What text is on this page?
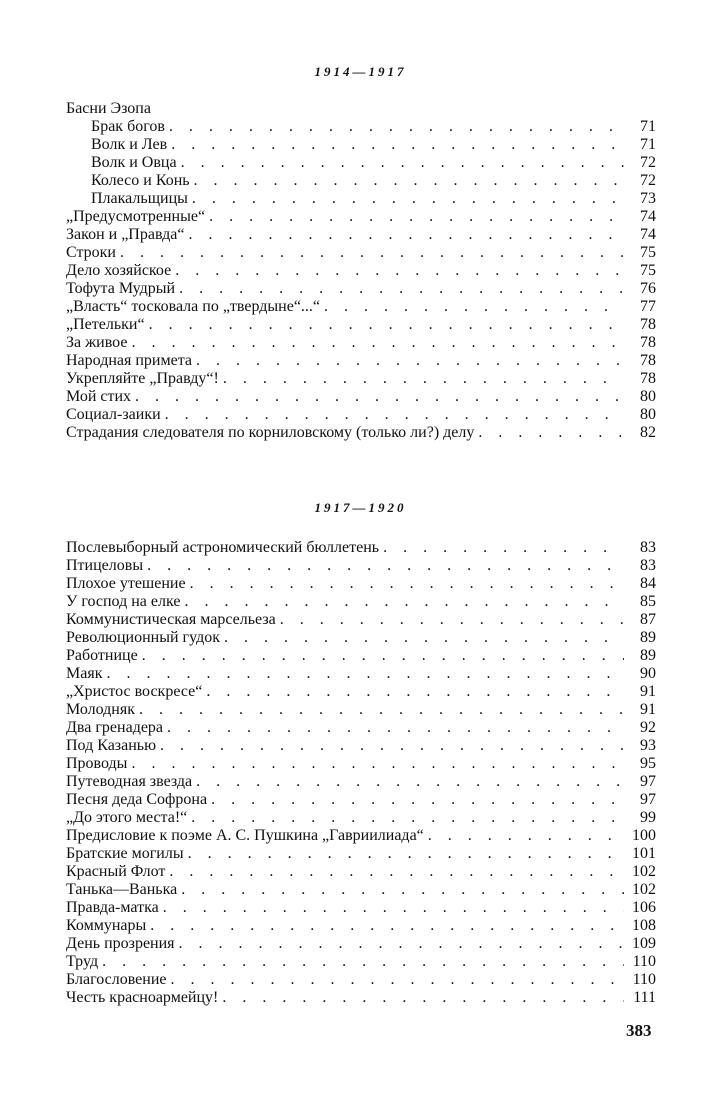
1914—1917
Басни Эзопа
Брак богов . . .	71
Волк и Лев . . .	71
Волк и Овца . . .	72
Колесо и Конь . . .	72
Плакальщицы . . .	73
„Предусмотренные“ . . .	74
Закон и „Правда“ . . .	74
Строки . . .	75
Дело хозяйское . . .	75
Тофута Мудрый . . .	76
„Власть“ тосковала по „твердыне“...“ . . .	77
„Петельки“ . . .	78
За живое . . .	78
Народная примета . . .	78
Укрепляйте „Правду“! . . .	78
Мой стих . . .	80
Социал-заики . . .	80
Страдания следователя по корниловскому (только ли?) делу . . .	82
1917—1920
Послевыборный астрономический бюллетень . . .	83
Птицеловы . . .	83
Плохое утешение . . .	84
У господ на елке . . .	85
Коммунистическая марсельеза . . .	87
Революционный гудок . . .	89
Работнице . . .	89
Маяк . . .	90
„Христос воскресе“ . . .	91
Молодняк . . .	91
Два гренадера . . .	92
Под Казанью . . .	93
Проводы . . .	95
Путеводная звезда . . .	97
Песня деда Софрона . . .	97
„До этого места!“ . . .	99
Предисловие к поэме А. С. Пушкина „Гавриилиада“ . . .	100
Братские могилы . . .	101
Красный Флот . . .	102
Танька—Ванька . . .	102
Правда-матка . . .	106
Коммунары . . .	108
День прозрения . . .	109
Труд . . .	110
Благословение . . .	110
Честь красноармейцу! . . .	111
383
